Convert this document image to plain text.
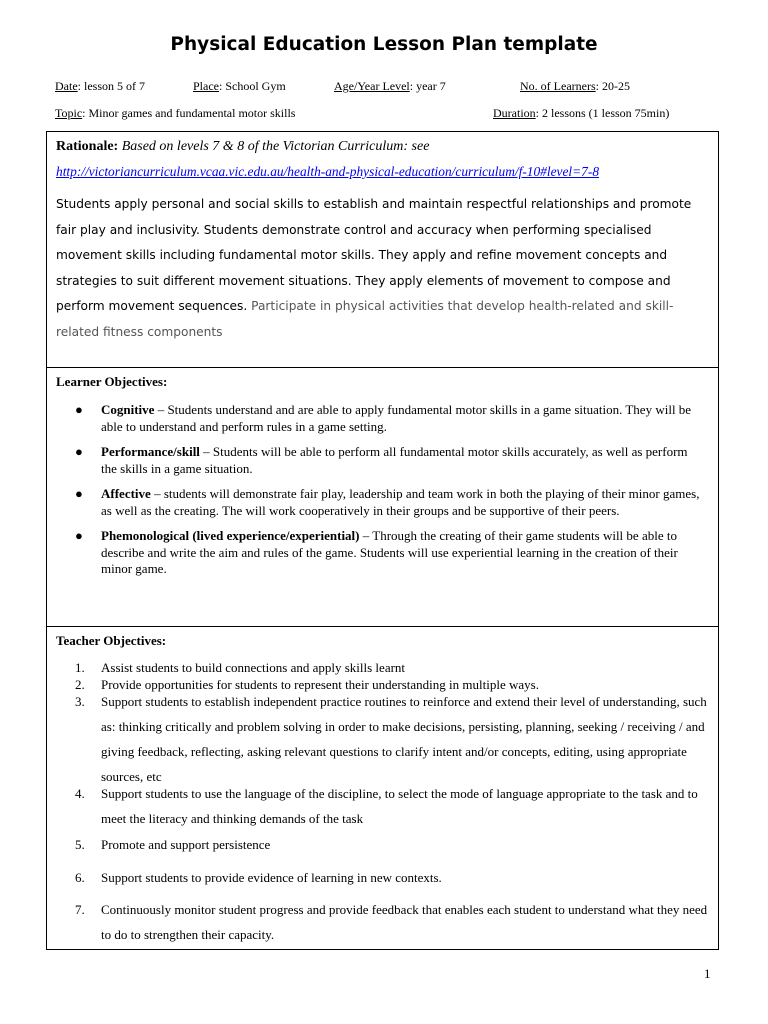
Physical Education Lesson Plan template
Date: lesson 5 of 7	Place: School Gym	Age/Year Level: year 7	No. of Learners: 20-25
Topic: Minor games and fundamental motor skills	Duration: 2 lessons (1 lesson 75min)
Rationale: Based on levels 7 & 8 of the Victorian Curriculum: see
http://victoriancurriculum.vcaa.vic.edu.au/health-and-physical-education/curriculum/f-10#level=7-8
Students apply personal and social skills to establish and maintain respectful relationships and promote fair play and inclusivity. Students demonstrate control and accuracy when performing specialised movement skills including fundamental motor skills. They apply and refine movement concepts and strategies to suit different movement situations. They apply elements of movement to compose and perform movement sequences. Participate in physical activities that develop health-related and skill-related fitness components
Learner Objectives:
● Cognitive – Students understand and are able to apply fundamental motor skills in a game situation. They will be able to understand and perform rules in a game setting.
● Performance/skill – Students will be able to perform all fundamental motor skills accurately, as well as perform the skills in a game situation.
● Affective – students will demonstrate fair play, leadership and team work in both the playing of their minor games, as well as the creating. The will work cooperatively in their groups and be supportive of their peers.
● Phemonological (lived experience/experiential) – Through the creating of their game students will be able to describe and write the aim and rules of the game. Students will use experiential learning in the creation of their minor game.
Teacher Objectives:
1.	Assist students to build connections and apply skills learnt
2.	Provide opportunities for students to represent their understanding in multiple ways.
3.	Support students to establish independent practice routines to reinforce and extend their level of understanding, such as: thinking critically and problem solving in order to make decisions, persisting, planning, seeking / receiving / and giving feedback, reflecting, asking relevant questions to clarify intent and/or concepts, editing, using appropriate sources, etc
4.	Support students to use the language of the discipline, to select the mode of language appropriate to the task and to meet the literacy and thinking demands of the task
5.	Promote and support persistence
6.	Support students to provide evidence of learning in new contexts.
7.	Continuously monitor student progress and provide feedback that enables each student to understand what they need to do to strengthen their capacity.
1
